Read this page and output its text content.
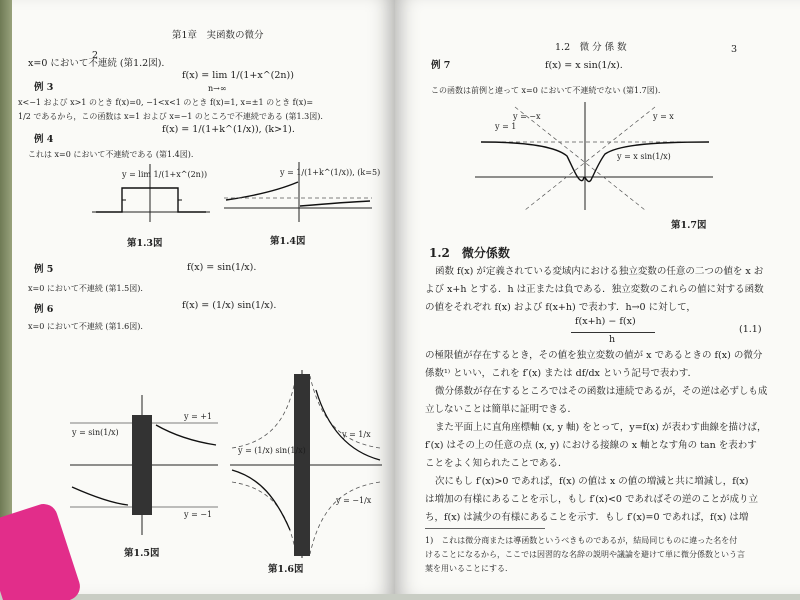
2
第1章　実函数の微分
x=0 において不連続 (第1.2図).
例 3
f(x) = lim 1/(1+x^(2n))
n→∞
x<−1 および x>1 のとき f(x)=0, −1<x<1 のとき f(x)=1, x=±1 のとき f(x)=
1/2 であるから，この函数は x=1 および x=−1 のところで不連続である (第1.3図).
例 4
f(x) = 1/(1+k^(1/x)), (k>1).
これは x=0 において不連続である (第1.4図).
y = lim 1/(1+x^(2n))
第1.3図
y = 1/(1+k^(1/x)), (k=5)
第1.4図
例 5	f(x) = sin(1/x).
x=0 において不連続 (第1.5図).
例 6	f(x) = (1/x) sin(1/x).
x=0 において不連続 (第1.6図).
y = sin(1/x)
y = +1
y = −1
第1.5図
y = (1/x) sin(1/x)
y = 1/x
y = −1/x
第1.6図
1.2　微 分 係 数	3
例 7	f(x) = x sin(1/x).
この函数は前例と違って x=0 において不連続でない (第1.7図).
y = 1
y = −x	y = x
y = x sin(1/x)
第1.7図
1.2　微分係数
函数 f(x) が定義されている変域内における独立変数の任意の二つの値を x お
よび x+h とする．h は正または負である．独立変数のこれらの値に対する函数
の値をそれぞれ f(x) および f(x+h) で表わす．h→0 に対して，
f(x+h) − f(x)
h
(1.1)
の極限値が存在するとき，その値を独立変数の値が x であるときの f(x) の微分
係数¹⁾ といい，これを f′(x) または df/dx という記号で表わす．
微分係数が存在するところではその函数は連続であるが，その逆は必ずしも成
立しないことは簡単に証明できる．
また平面上に直角座標軸 (x, y 軸) をとって，y=f(x) が表わす曲線を描けば，
f′(x) はその上の任意の点 (x, y) における接線の x 軸となす角の tan を表わす
ことをよく知られたことである．
次にもし f′(x)>0 であれば，f(x) の値は x の値の増減と共に増減し，f(x)
は増加の有様にあることを示し，もし f′(x)<0 であればその逆のことが成り立
ち，f(x) は減少の有様にあることを示す．もし f′(x)=0 であれば，f(x) は増
1)　これは微分商または導函数というべきものであるが，結局同じものに違った名を付
けることになるから，ここでは因習的な名辞の説明や議論を避けて単に微分係数という言
葉を用いることにする．
